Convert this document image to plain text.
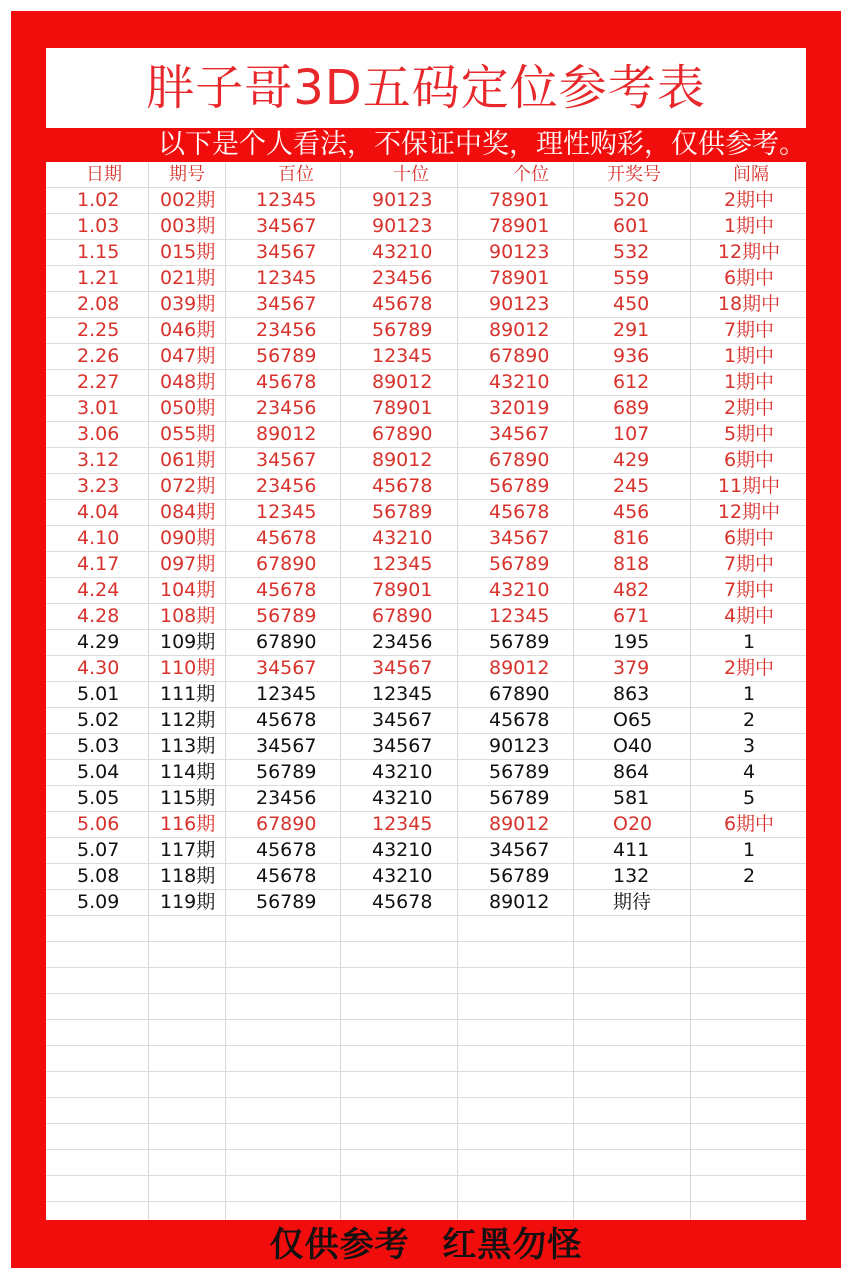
胖子哥3D五码定位参考表
以下是个人看法，不保证中奖，理性购彩，仅供参考。
日期	期号	百位	十位	个位	开奖号	间隔
1.02 002期 12345	90123	78901	520	2期中
1.03 003期 34567	90123	78901	601	1期中
1.15 015期 34567	43210	90123	532	12期中
1.21 021期 12345	23456	78901	559	6期中
2.08 039期 34567	45678	90123	450	18期中
2.25 046期 23456	56789	89012	291	7期中
2.26 047期 56789	12345	67890	936	1期中
2.27 048期 45678	89012	43210	612	1期中
3.01 050期 23456	78901	32019	689	2期中
3.06 055期 89012	67890	34567	107	5期中
3.12 061期 34567	89012	67890	429	6期中
3.23 072期 23456	45678	56789	245	11期中
4.04 084期 12345	56789	45678	456	12期中
4.10 090期 45678	43210	34567	816	6期中
4.17 097期 67890	12345	56789	818	7期中
4.24 104期 45678	78901	43210	482	7期中
4.28 108期 56789	67890	12345	671	4期中
4.29 109期 67890	23456	56789	195	1
4.30 110期 34567	34567	89012	379	2期中
5.01 111期 12345	12345	67890	863	1
5.02 112期 45678	34567	45678	O65	2
5.03 113期 34567	34567	90123	O40	3
5.04 114期 56789	43210	56789	864	4
5.05 115期 23456	43210	56789	581	5
5.06 116期 67890	12345	89012	O20	6期中
5.07 117期 45678	43210	34567	411	1
5.08 118期 45678	43210	56789	132	2
5.09 119期 56789	45678	89012	期待
仅供参考 红黑勿怪
